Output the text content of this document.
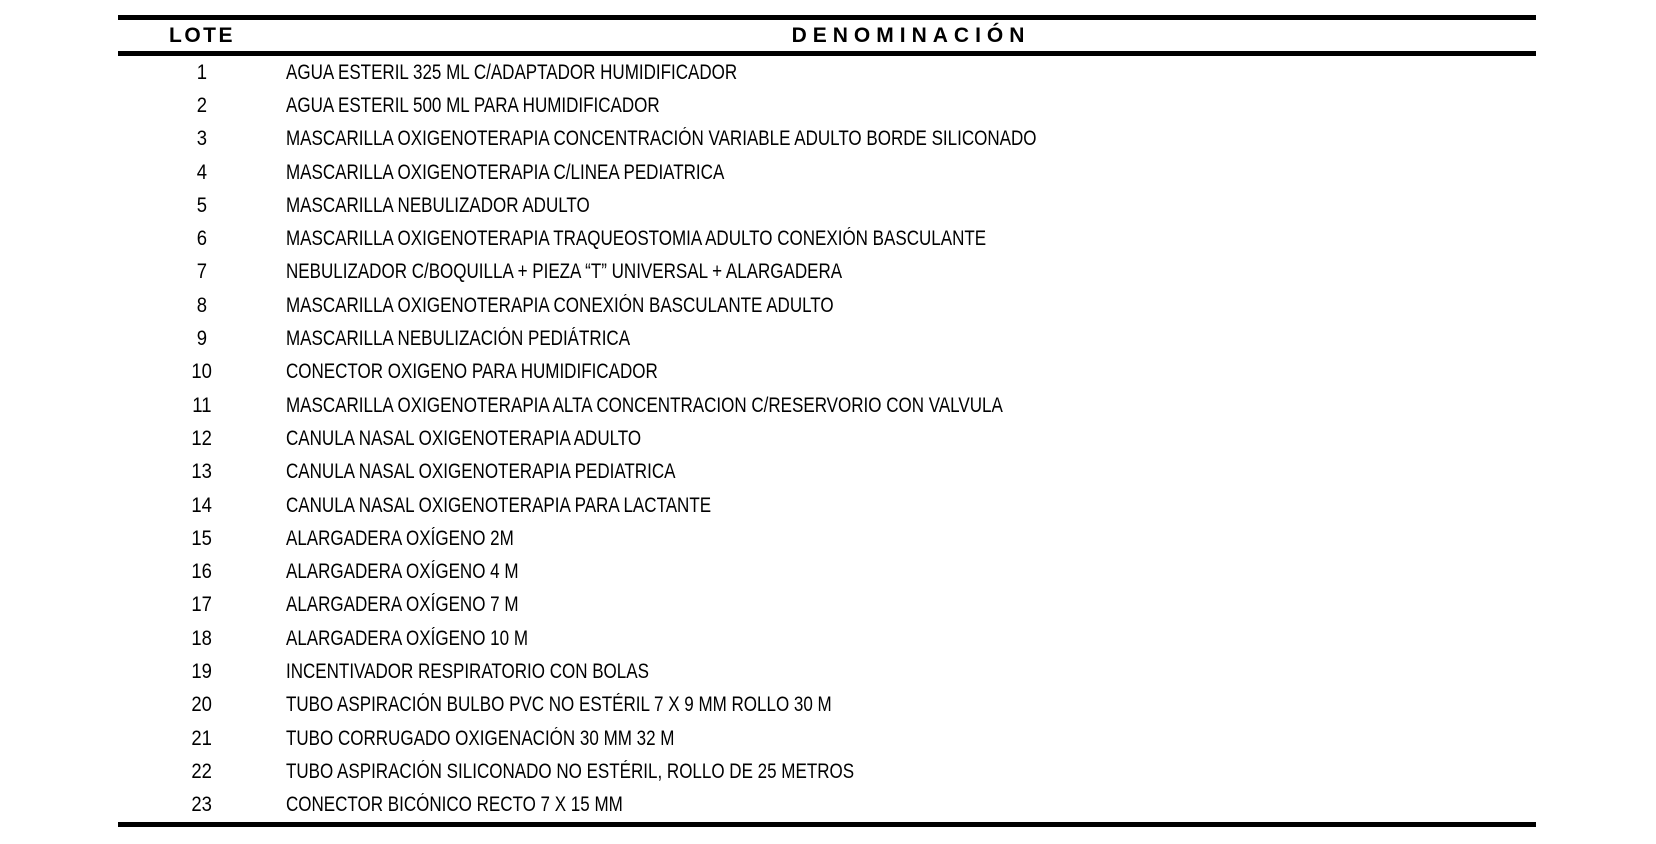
LOTE	DENOMINACIÓN
1	AGUA ESTERIL 325 ML C/ADAPTADOR HUMIDIFICADOR
2	AGUA ESTERIL 500 ML PARA HUMIDIFICADOR
3	MASCARILLA OXIGENOTERAPIA CONCENTRACIÓN VARIABLE ADULTO BORDE SILICONADO
4	MASCARILLA OXIGENOTERAPIA C/LINEA PEDIATRICA
5	MASCARILLA NEBULIZADOR ADULTO
6	MASCARILLA OXIGENOTERAPIA TRAQUEOSTOMIA ADULTO CONEXIÓN BASCULANTE
7	NEBULIZADOR C/BOQUILLA + PIEZA “T” UNIVERSAL + ALARGADERA
8	MASCARILLA OXIGENOTERAPIA CONEXIÓN BASCULANTE ADULTO
9	MASCARILLA NEBULIZACIÓN PEDIÁTRICA
10	CONECTOR OXIGENO PARA HUMIDIFICADOR
11	MASCARILLA OXIGENOTERAPIA ALTA CONCENTRACION C/RESERVORIO CON VALVULA
12	CANULA NASAL OXIGENOTERAPIA ADULTO
13	CANULA NASAL OXIGENOTERAPIA PEDIATRICA
14	CANULA NASAL OXIGENOTERAPIA PARA LACTANTE
15	ALARGADERA OXÍGENO 2M
16	ALARGADERA OXÍGENO 4 M
17	ALARGADERA OXÍGENO 7 M
18	ALARGADERA OXÍGENO 10 M
19	INCENTIVADOR RESPIRATORIO CON BOLAS
20	TUBO ASPIRACIÓN BULBO PVC NO ESTÉRIL 7 X 9 MM ROLLO 30 M
21	TUBO CORRUGADO OXIGENACIÓN 30 MM 32 M
22	TUBO ASPIRACIÓN SILICONADO NO ESTÉRIL, ROLLO DE 25 METROS
23	CONECTOR BICÓNICO RECTO 7 X 15 MM
